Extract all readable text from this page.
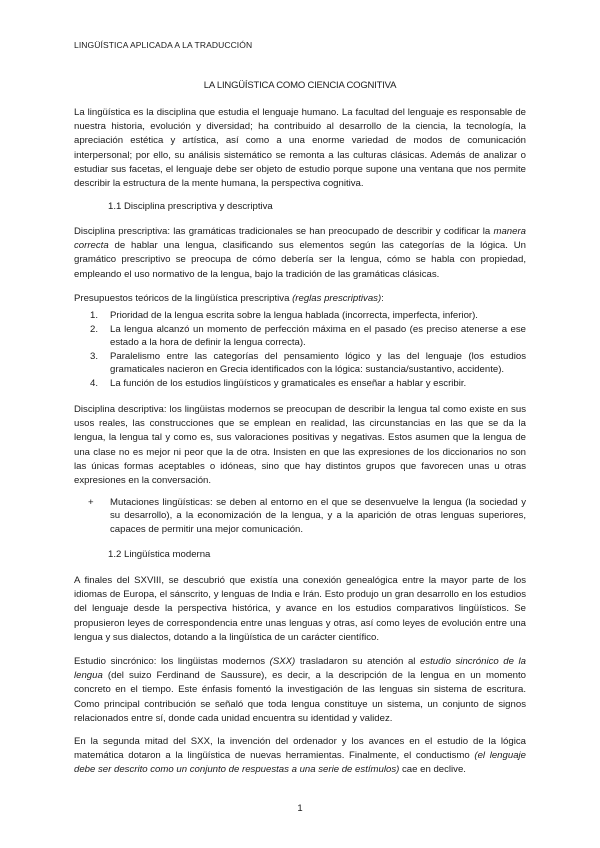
LINGÜÍSTICA APLICADA A LA TRADUCCIÓN
LA LINGÜÍSTICA COMO CIENCIA COGNITIVA

La lingüística es la disciplina que estudia el lenguaje humano. La facultad del lenguaje es responsable de nuestra historia, evolución y diversidad; ha contribuido al desarrollo de la ciencia, la tecnología, la apreciación estética y artística, así como a una enorme variedad de modos de comunicación interpersonal; por ello, su análisis sistemático se remonta a las culturas clásicas. Además de analizar o estudiar sus facetas, el lenguaje debe ser objeto de estudio porque supone una ventana que nos permite describir la estructura de la mente humana, la perspectiva cognitiva.

1.1 Disciplina prescriptiva y descriptiva

Disciplina prescriptiva: las gramáticas tradicionales se han preocupado de describir y codificar la manera correcta de hablar una lengua, clasificando sus elementos según las categorías de la lógica. Un gramático prescriptivo se preocupa de cómo debería ser la lengua, cómo se habla con propiedad, empleando el uso normativo de la lengua, bajo la tradición de las gramáticas clásicas.

Presupuestos teóricos de la lingüística prescriptiva (reglas prescriptivas):

1. Prioridad de la lengua escrita sobre la lengua hablada (incorrecta, imperfecta, inferior).
2. La lengua alcanzó un momento de perfección máxima en el pasado (es preciso atenerse a ese estado a la hora de definir la lengua correcta).
3. Paralelismo entre las categorías del pensamiento lógico y las del lenguaje (los estudios gramaticales nacieron en Grecia identificados con la lógica: sustancia/sustantivo, accidente).
4. La función de los estudios lingüísticos y gramaticales es enseñar a hablar y escribir.

Disciplina descriptiva: los lingüistas modernos se preocupan de describir la lengua tal como existe en sus usos reales, las construcciones que se emplean en realidad, las circunstancias en las que se da la lengua, la lengua tal y como es, sus valoraciones positivas y negativas. Estos asumen que la lengua de una clase no es mejor ni peor que la de otra. Insisten en que las expresiones de los diccionarios no son las únicas formas aceptables o idóneas, sino que hay distintos grupos que favorecen unas u otras expresiones en la conversación.

+ Mutaciones lingüísticas: se deben al entorno en el que se desenvuelve la lengua (la sociedad y su desarrollo), a la economización de la lengua, y a la aparición de otras lenguas superiores, capaces de permitir una mejor comunicación.
1.2 Lingüística moderna

A finales del SXVIII, se descubrió que existía una conexión genealógica entre la mayor parte de los idiomas de Europa, el sánscrito, y lenguas de India e Irán. Esto produjo un gran desarrollo en los estudios del lenguaje desde la perspectiva histórica, y avance en los estudios comparativos lingüísticos. Se propusieron leyes de correspondencia entre unas lenguas y otras, así como leyes de evolución entre una lengua y sus dialectos, dotando a la lingüística de un carácter científico.

Estudio sincrónico: los lingüistas modernos (SXX) trasladaron su atención al estudio sincrónico de la lengua (del suizo Ferdinand de Saussure), es decir, a la descripción de la lengua en un momento concreto en el tiempo. Este énfasis fomentó la investigación de las lenguas sin sistema de escritura. Como principal contribución se señaló que toda lengua constituye un sistema, un conjunto de signos relacionados entre sí, donde cada unidad encuentra su identidad y validez.

En la segunda mitad del SXX, la invención del ordenador y los avances en el estudio de la lógica matemática dotaron a la lingüística de nuevas herramientas. Finalmente, el conductismo (el lenguaje debe ser descrito como un conjunto de respuestas a una serie de estímulos) cae en declive.

1
